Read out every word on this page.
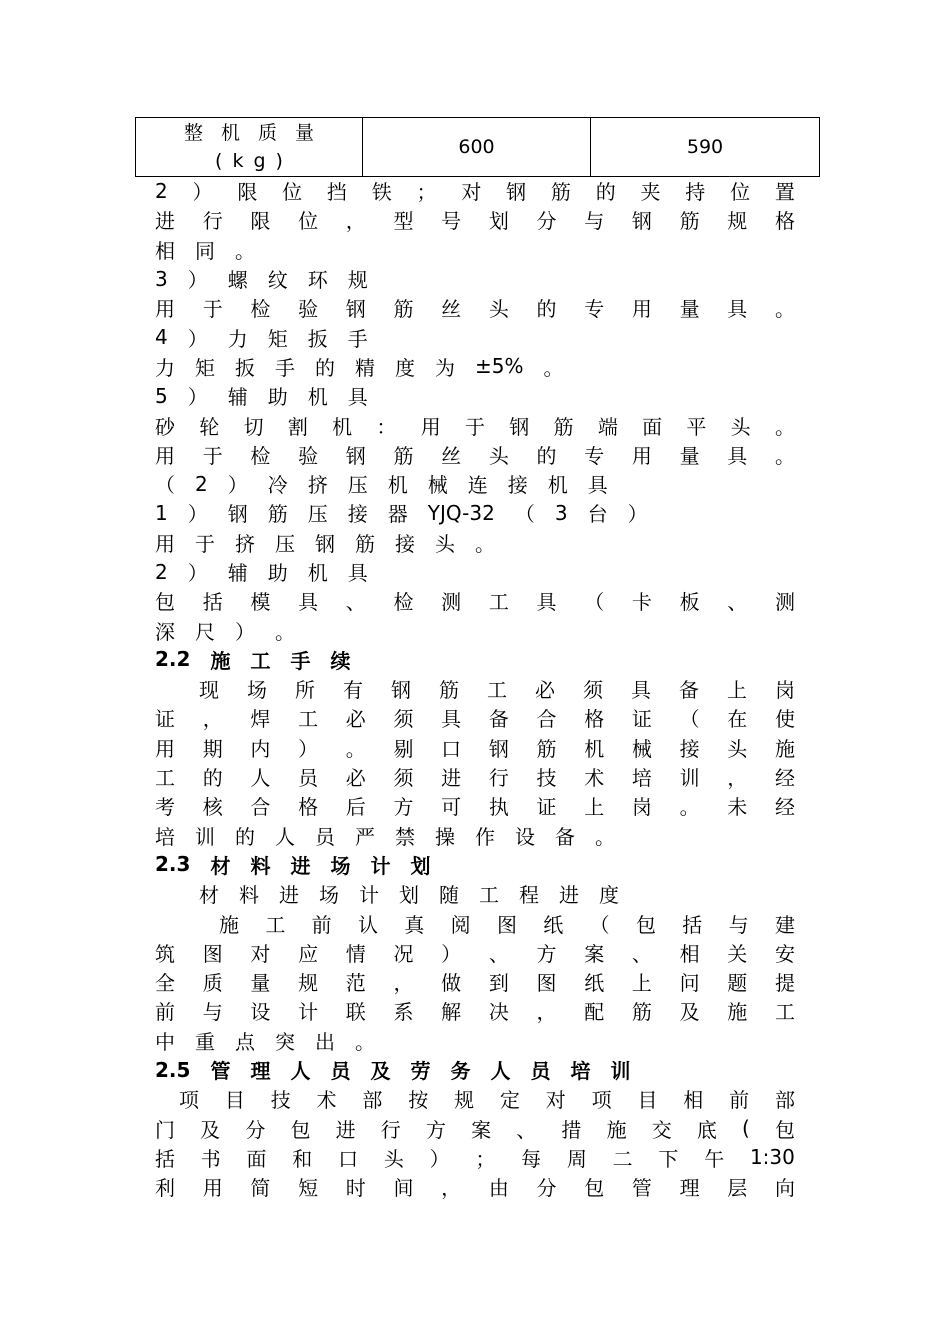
整机质量
(kg)
	600	590
2 ） 限 位 挡 铁 ； 对 钢 筋 的 夹 持 位 置
进 行 限 位 ， 型 号 划 分 与 钢 筋 规 格
相 同 。
3 ） 螺 纹 环 规
用 于 检 验 钢 筋 丝 头 的 专 用 量 具 。
4 ） 力 矩 扳 手
力 矩 扳 手 的 精 度 为 ±5% 。
5 ） 辅 助 机 具
砂 轮 切 割 机 ： 用 于 钢 筋 端 面 平 头 。
用 于 检 验 钢 筋 丝 头 的 专 用 量 具 。
（ 2 ） 冷 挤 压 机 械 连 接 机 具
1 ） 钢 筋 压 接 器 YJQ-32 （ 3 台 ）
用 于 挤 压 钢 筋 接 头 。
2 ） 辅 助 机 具
包 括 模 具 、 检 测 工 具 （ 卡 板 、 测
深 尺 ） 。
2.2 施 工 手 续
现 场 所 有 钢 筋 工 必 须 具 备 上 岗
证 ， 焊 工 必 须 具 备 合 格 证 （ 在 使
用 期 内 ） 。 剔 口 钢 筋 机 械 接 头 施
工 的 人 员 必 须 进 行 技 术 培 训 ， 经
考 核 合 格 后 方 可 执 证 上 岗 。 未 经
培 训 的 人 员 严 禁 操 作 设 备 。
2.3 材 料 进 场 计 划
材 料 进 场 计 划 随 工 程 进 度
施 工 前 认 真 阅 图 纸 （ 包 括 与 建
筑 图 对 应 情 况 ） 、 方 案 、 相 关 安
全 质 量 规 范 ， 做 到 图 纸 上 问 题 提
前 与 设 计 联 系 解 决 ， 配 筋 及 施 工
中 重 点 突 出 。
2.5 管 理 人 员 及 劳 务 人 员 培 训
项 目 技 术 部 按 规 定 对 项 目 相 前 部
门 及 分 包 进 行 方 案 、 措 施 交 底 ( 包
括 书 面 和 口 头 ） ； 每 周 二 下 午 1:30
利 用 简 短 时 间 ， 由 分 包 管 理 层 向
